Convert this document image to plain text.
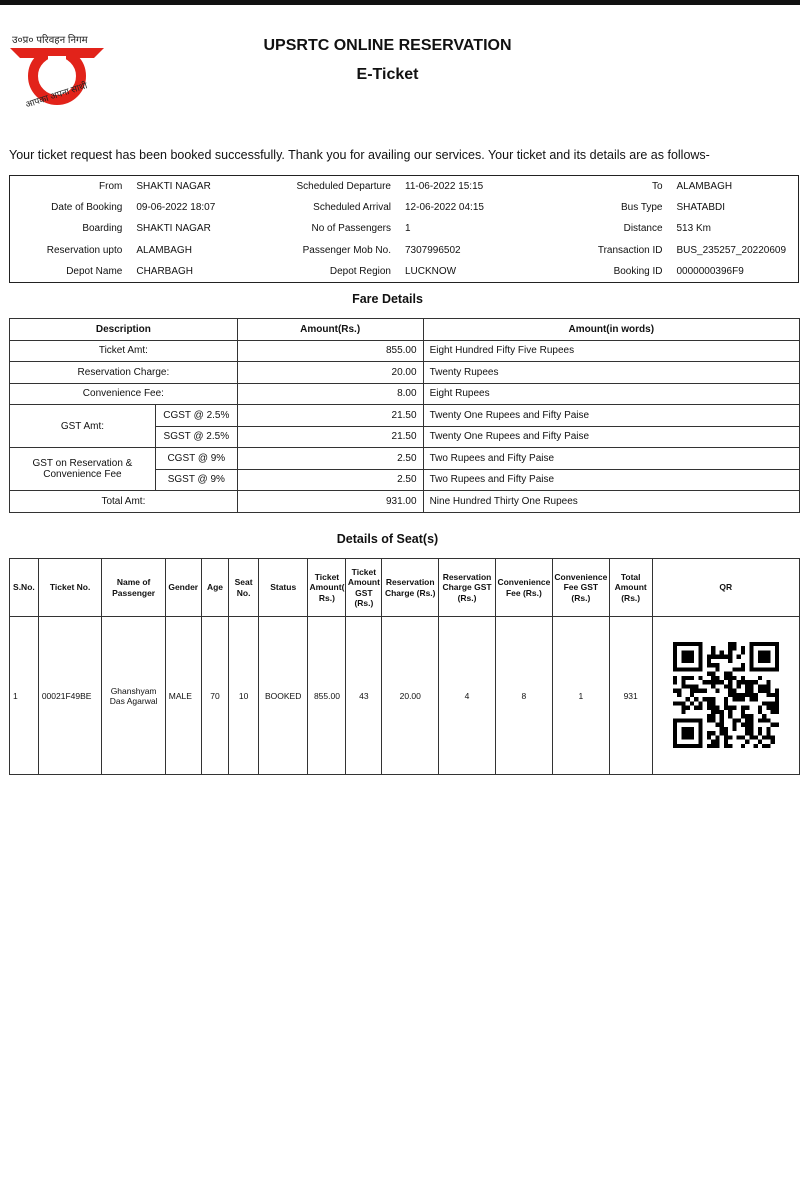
उ०प्र० परिवहन निगम
आपका अपना साथी
UPSRTC ONLINE RESERVATION
E-Ticket
Your ticket request has been booked successfully. Thank you for availing our services. Your ticket and its details are as follows-
From	SHAKTI NAGAR	Scheduled Departure	11-06-2022 15:15	To	ALAMBAGH
Date of Booking	09-06-2022 18:07	Scheduled Arrival	12-06-2022 04:15	Bus Type	SHATABDI
Boarding	SHAKTI NAGAR	No of Passengers	1	Distance	513 Km
Reservation upto	ALAMBAGH	Passenger Mob No.	7307996502	Transaction ID	BUS_235257_20220609
Depot Name	CHARBAGH	Depot Region	LUCKNOW	Booking ID	0000000396F9
Fare Details
Description		Amount(Rs.)	Amount(in words)
Ticket Amt:		855.00	Eight Hundred Fifty Five Rupees
Reservation Charge:		20.00	Twenty Rupees
Convenience Fee:		8.00	Eight Rupees
GST Amt:	CGST @ 2.5%	21.50	Twenty One Rupees and Fifty Paise
	SGST @ 2.5%	21.50	Twenty One Rupees and Fifty Paise
GST on Reservation & Convenience Fee	CGST @ 9%	2.50	Two Rupees and Fifty Paise
	SGST @ 9%	2.50	Two Rupees and Fifty Paise
Total Amt:		931.00	Nine Hundred Thirty One Rupees
Details of Seat(s)
S.No.	Ticket No.	Name of Passenger	Gender	Age	Seat No.	Status	Ticket Amount( Rs.)	Ticket Amount GST (Rs.)	Reservation Charge (Rs.)	Reservation Charge GST (Rs.)	Convenience Fee (Rs.)	Convenience Fee GST (Rs.)	Total Amount (Rs.)	QR
1	00021F49BE	Ghanshyam Das Agarwal	MALE	70	10	BOOKED	855.00	43	20.00	4	8	1	931	
